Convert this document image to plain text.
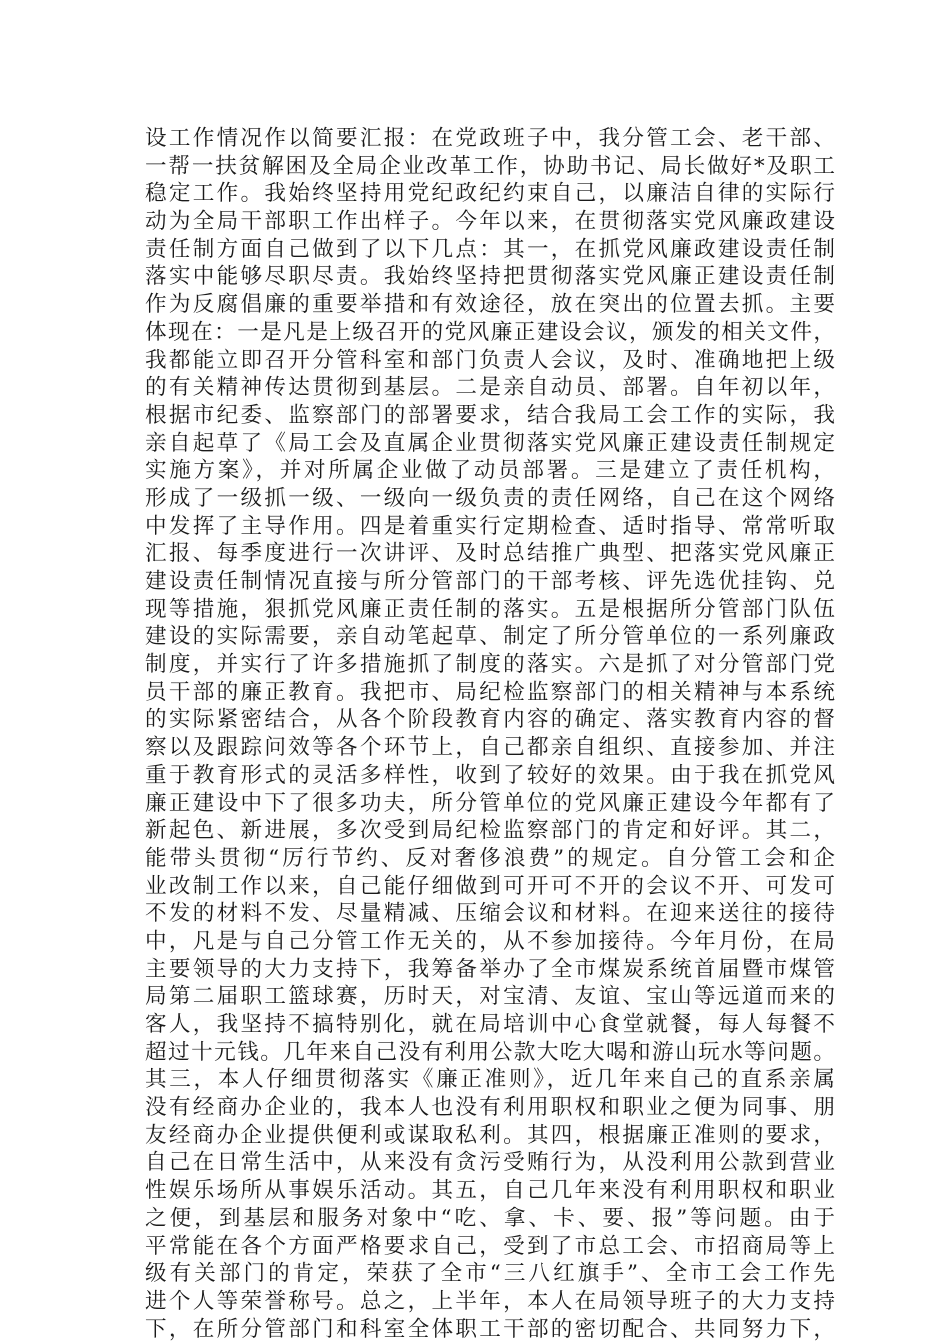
设工作情况作以简要汇报：在党政班子中，我分管工会、老干部、
一帮一扶贫解困及全局企业改革工作，协助书记、局长做好*及职工
稳定工作。我始终坚持用党纪政纪约束自己，以廉洁自律的实际行
动为全局干部职工作出样子。今年以来，在贯彻落实党风廉政建设
责任制方面自己做到了以下几点：其一，在抓党风廉政建设责任制
落实中能够尽职尽责。我始终坚持把贯彻落实党风廉正建设责任制
作为反腐倡廉的重要举措和有效途径，放在突出的位置去抓。主要
体现在：一是凡是上级召开的党风廉正建设会议，颁发的相关文件，
我都能立即召开分管科室和部门负责人会议，及时、准确地把上级
的有关精神传达贯彻到基层。二是亲自动员、部署。自年初以年，
根据市纪委、监察部门的部署要求，结合我局工会工作的实际，我
亲自起草了《局工会及直属企业贯彻落实党风廉正建设责任制规定
实施方案》，并对所属企业做了动员部署。三是建立了责任机构，
形成了一级抓一级、一级向一级负责的责任网络，自己在这个网络
中发挥了主导作用。四是着重实行定期检查、适时指导、常常听取
汇报、每季度进行一次讲评、及时总结推广典型、把落实党风廉正
建设责任制情况直接与所分管部门的干部考核、评先选优挂钩、兑
现等措施，狠抓党风廉正责任制的落实。五是根据所分管部门队伍
建设的实际需要，亲自动笔起草、制定了所分管单位的一系列廉政
制度，并实行了许多措施抓了制度的落实。六是抓了对分管部门党
员干部的廉正教育。我把市、局纪检监察部门的相关精神与本系统
的实际紧密结合，从各个阶段教育内容的确定、落实教育内容的督
察以及跟踪问效等各个环节上，自己都亲自组织、直接参加、并注
重于教育形式的灵活多样性，收到了较好的效果。由于我在抓党风
廉正建设中下了很多功夫，所分管单位的党风廉正建设今年都有了
新起色、新进展，多次受到局纪检监察部门的肯定和好评。其二，
能带头贯彻“厉行节约、反对奢侈浪费”的规定。自分管工会和企
业改制工作以来，自己能仔细做到可开可不开的会议不开、可发可
不发的材料不发、尽量精减、压缩会议和材料。在迎来送往的接待
中，凡是与自己分管工作无关的，从不参加接待。今年月份，在局
主要领导的大力支持下，我筹备举办了全市煤炭系统首届暨市煤管
局第二届职工篮球赛，历时天，对宝清、友谊、宝山等远道而来的
客人，我坚持不搞特别化，就在局培训中心食堂就餐，每人每餐不
超过十元钱。几年来自己没有利用公款大吃大喝和游山玩水等问题。
其三，本人仔细贯彻落实《廉正准则》，近几年来自己的直系亲属
没有经商办企业的，我本人也没有利用职权和职业之便为同事、朋
友经商办企业提供便利或谋取私利。其四，根据廉正准则的要求，
自己在日常生活中，从来没有贪污受贿行为，从没利用公款到营业
性娱乐场所从事娱乐活动。其五，自己几年来没有利用职权和职业
之便，到基层和服务对象中“吃、拿、卡、要、报”等问题。由于
平常能在各个方面严格要求自己，受到了市总工会、市招商局等上
级有关部门的肯定，荣获了全市“三八红旗手”、全市工会工作先
进个人等荣誉称号。总之，上半年，本人在局领导班子的大力支持
下，在所分管部门和科室全体职工干部的密切配合、共同努力下，
